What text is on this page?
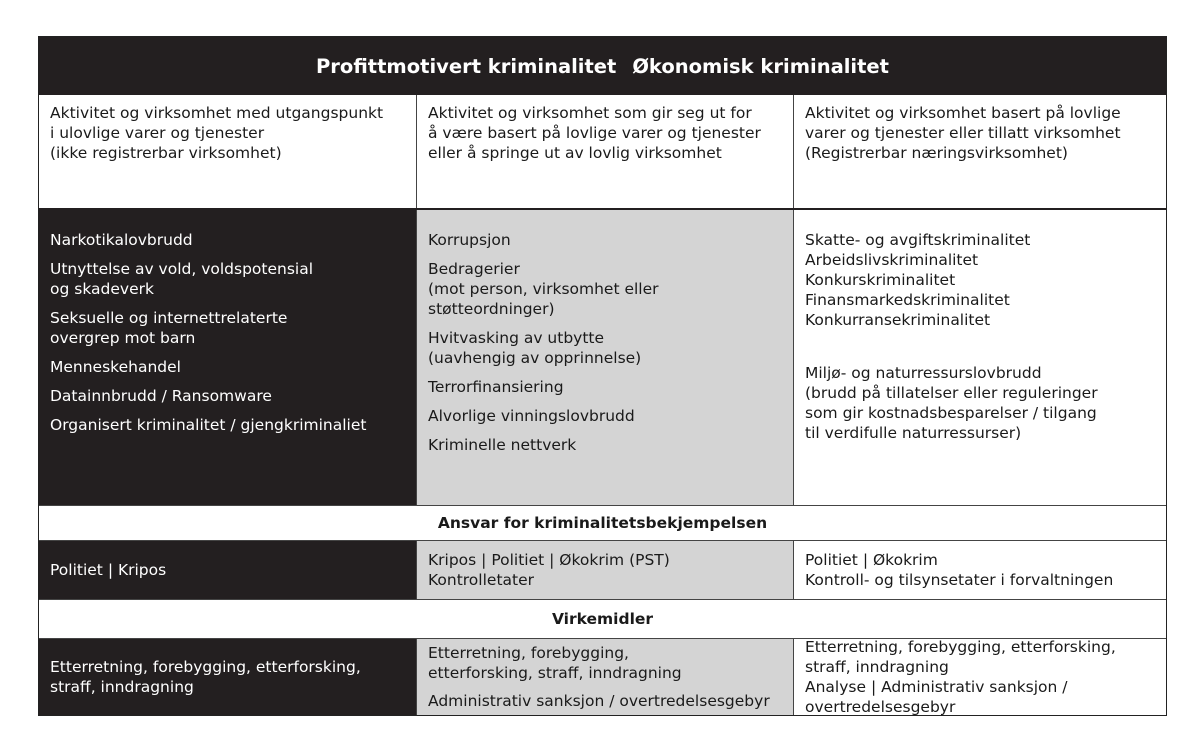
Profittmotivert kriminalitet Økonomisk kriminalitet
Aktivitet og virksomhet med utgangspunkt
i ulovlige varer og tjenester
(ikke registrerbar virksomhet)
Aktivitet og virksomhet som gir seg ut for
å være basert på lovlige varer og tjenester
eller å springe ut av lovlig virksomhet
Aktivitet og virksomhet basert på lovlige
varer og tjenester eller tillatt virksomhet
(Registrerbar næringsvirksomhet)
Narkotikalovbrudd
Utnyttelse av vold, voldspotensial
og skadeverk
Seksuelle og internettrelaterte
overgrep mot barn
Menneskehandel
Datainnbrudd / Ransomware
Organisert kriminalitet / gjengkriminaliet
Korrupsjon
Bedragerier
(mot person, virksomhet eller
støtteordninger)
Hvitvasking av utbytte
(uavhengig av opprinnelse)
Terrorfinansiering
Alvorlige vinningslovbrudd
Kriminelle nettverk
Skatte- og avgiftskriminalitet
Arbeidslivskriminalitet
Konkurskriminalitet
Finansmarkedskriminalitet
Konkurransekriminalitet
Miljø- og naturressurslovbrudd
(brudd på tillatelser eller reguleringer
som gir kostnadsbesparelser / tilgang
til verdifulle naturressurser)
Ansvar for kriminalitetsbekjempelsen
Politiet | Kripos
Kripos | Politiet | Økokrim (PST)
Kontrolletater
Politiet | Økokrim
Kontroll- og tilsynsetater i forvaltningen
Virkemidler
Etterretning, forebygging, etterforsking,
straff, inndragning
Etterretning, forebygging,
etterforsking, straff, inndragning
Administrativ sanksjon / overtredelsesgebyr
Etterretning, forebygging, etterforsking,
straff, inndragning
Analyse | Administrativ sanksjon /
overtredelsesgebyr
